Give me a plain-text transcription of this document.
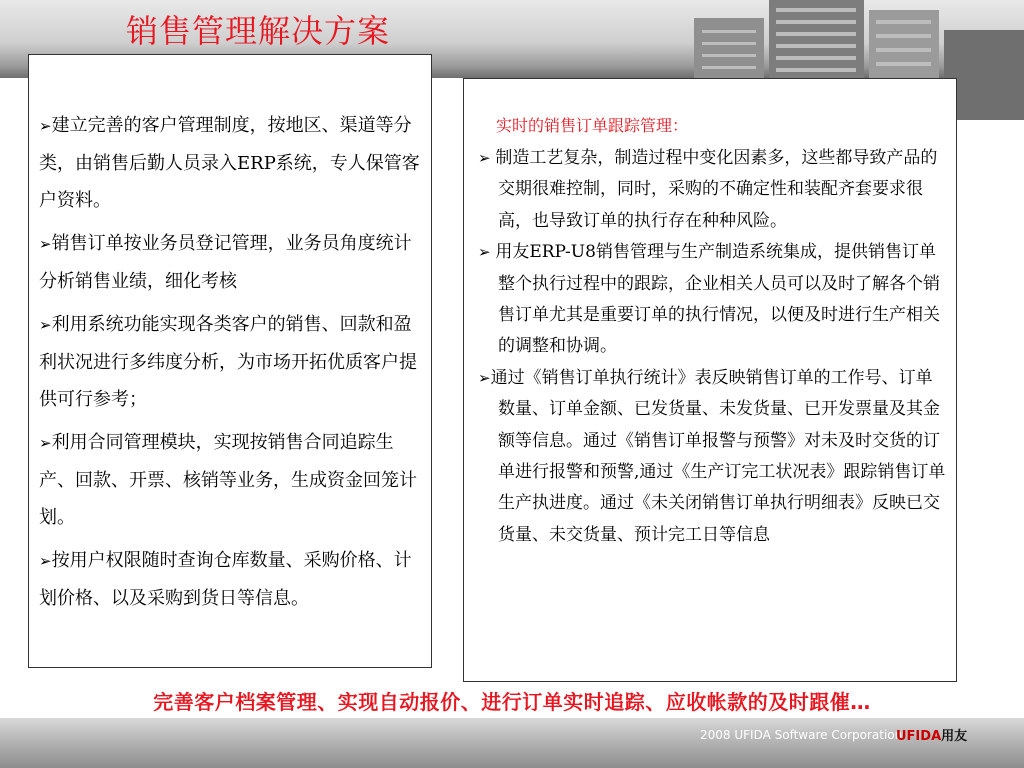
销售管理解决方案

➢建立完善的客户管理制度，按地区、渠道等分类，由销售后勤人员录入ERP系统，专人保管客户资料。

➢销售订单按业务员登记管理，业务员角度统计分析销售业绩，细化考核

➢利用系统功能实现各类客户的销售、回款和盈利状况进行多纬度分析，为市场开拓优质客户提供可行参考；

➢利用合同管理模块，实现按销售合同追踪生产、回款、开票、核销等业务，生成资金回笼计划。

➢按用户权限随时查询仓库数量、采购价格、计划价格、以及采购到货日等信息。

实时的销售订单跟踪管理：

➢ 制造工艺复杂，制造过程中变化因素多，这些都导致产品的交期很难控制，同时，采购的不确定性和装配齐套要求很高，也导致订单的执行存在种种风险。

➢ 用友ERP-U8销售管理与生产制造系统集成，提供销售订单整个执行过程中的跟踪，企业相关人员可以及时了解各个销售订单尤其是重要订单的执行情况，以便及时进行生产相关的调整和协调。

➢通过《销售订单执行统计》表反映销售订单的工作号、订单数量、订单金额、已发货量、未发货量、已开发票量及其金额等信息。通过《销售订单报警与预警》对未及时交货的订单进行报警和预警,通过《生产订完工状况表》跟踪销售订单生产执进度。通过《未关闭销售订单执行明细表》反映已交货量、未交货量、预计完工日等信息

完善客户档案管理、实现自动报价、进行订单实时追踪、应收帐款的及时跟催…
2008 UFIDA Software Corporation
UFIDA用友
